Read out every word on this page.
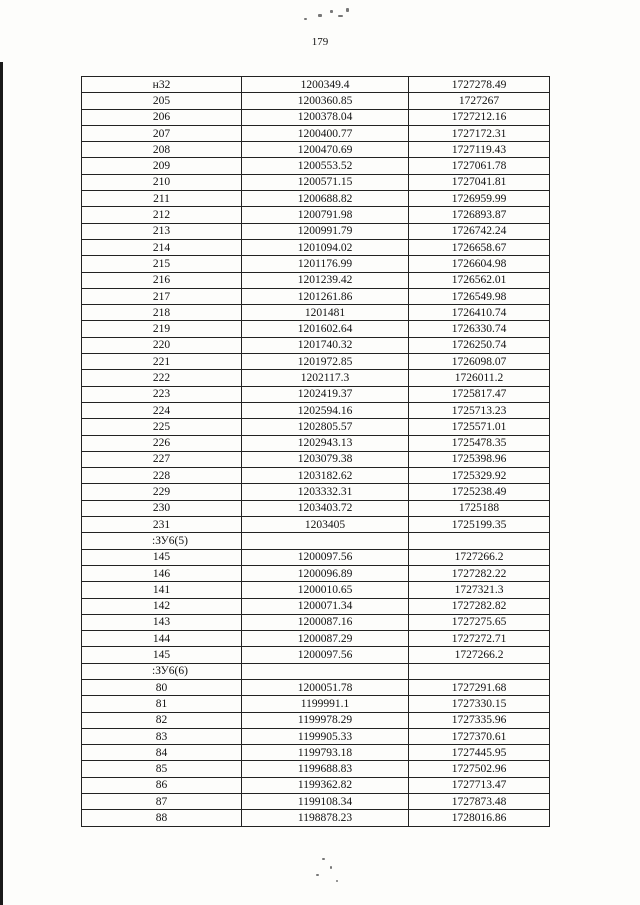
179
н32	1200349.4	1727278.49
205	1200360.85	1727267
206	1200378.04	1727212.16
207	1200400.77	1727172.31
208	1200470.69	1727119.43
209	1200553.52	1727061.78
210	1200571.15	1727041.81
211	1200688.82	1726959.99
212	1200791.98	1726893.87
213	1200991.79	1726742.24
214	1201094.02	1726658.67
215	1201176.99	1726604.98
216	1201239.42	1726562.01
217	1201261.86	1726549.98
218	1201481	1726410.74
219	1201602.64	1726330.74
220	1201740.32	1726250.74
221	1201972.85	1726098.07
222	1202117.3	1726011.2
223	1202419.37	1725817.47
224	1202594.16	1725713.23
225	1202805.57	1725571.01
226	1202943.13	1725478.35
227	1203079.38	1725398.96
228	1203182.62	1725329.92
229	1203332.31	1725238.49
230	1203403.72	1725188
231	1203405	1725199.35
:ЗУ6(5)		
145	1200097.56	1727266.2
146	1200096.89	1727282.22
141	1200010.65	1727321.3
142	1200071.34	1727282.82
143	1200087.16	1727275.65
144	1200087.29	1727272.71
145	1200097.56	1727266.2
:ЗУ6(6)		
80	1200051.78	1727291.68
81	1199991.1	1727330.15
82	1199978.29	1727335.96
83	1199905.33	1727370.61
84	1199793.18	1727445.95
85	1199688.83	1727502.96
86	1199362.82	1727713.47
87	1199108.34	1727873.48
88	1198878.23	1728016.86
